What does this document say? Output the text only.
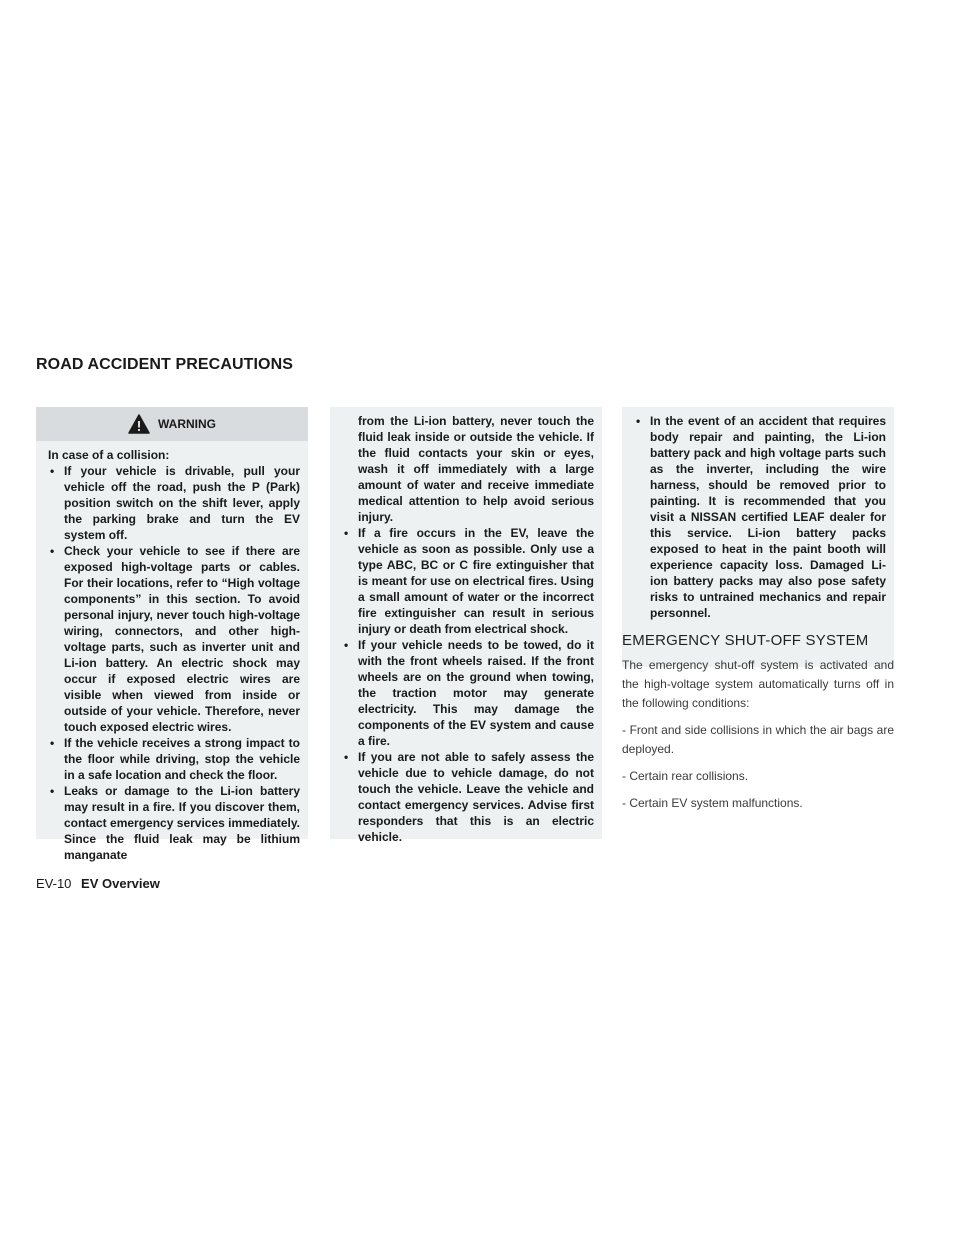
ROAD ACCIDENT PRECAUTIONS
WARNING

In case of a collision:

• If your vehicle is drivable, pull your vehicle off the road, push the P (Park) position switch on the shift lever, apply the parking brake and turn the EV system off.
• Check your vehicle to see if there are exposed high-voltage parts or cables. For their locations, refer to “High voltage components” in this section. To avoid personal injury, never touch high-voltage wiring, connectors, and other high-voltage parts, such as inverter unit and Li-ion battery. An electric shock may occur if exposed electric wires are visible when viewed from inside or outside of your vehicle. Therefore, never touch exposed electric wires.
• If the vehicle receives a strong impact to the floor while driving, stop the vehicle in a safe location and check the floor.
• Leaks or damage to the Li-ion battery may result in a fire. If you discover them, contact emergency services immediately. Since the fluid leak may be lithium manganate

from the Li-ion battery, never touch the fluid leak inside or outside the vehicle. If the fluid contacts your skin or eyes, wash it off immediately with a large amount of water and receive immediate medical attention to help avoid serious injury.

• If a fire occurs in the EV, leave the vehicle as soon as possible. Only use a type ABC, BC or C fire extinguisher that is meant for use on electrical fires. Using a small amount of water or the incorrect fire extinguisher can result in serious injury or death from electrical shock.
• If your vehicle needs to be towed, do it with the front wheels raised. If the front wheels are on the ground when towing, the traction motor may generate electricity. This may damage the components of the EV system and cause a fire.
• If you are not able to safely assess the vehicle due to vehicle damage, do not touch the vehicle. Leave the vehicle and contact emergency services. Advise first responders that this is an electric vehicle.
• In the event of an accident that requires body repair and painting, the Li-ion battery pack and high voltage parts such as the inverter, including the wire harness, should be removed prior to painting. It is recommended that you visit a NISSAN certified LEAF dealer for this service. Li-ion battery packs exposed to heat in the paint booth will experience capacity loss. Damaged Li-ion battery packs may also pose safety risks to untrained mechanics and repair personnel.
EMERGENCY SHUT-OFF SYSTEM

The emergency shut-off system is activated and the high-voltage system automatically turns off in the following conditions:

- Front and side collisions in which the air bags are deployed.

- Certain rear collisions.

- Certain EV system malfunctions.

EV-10 EV Overview
